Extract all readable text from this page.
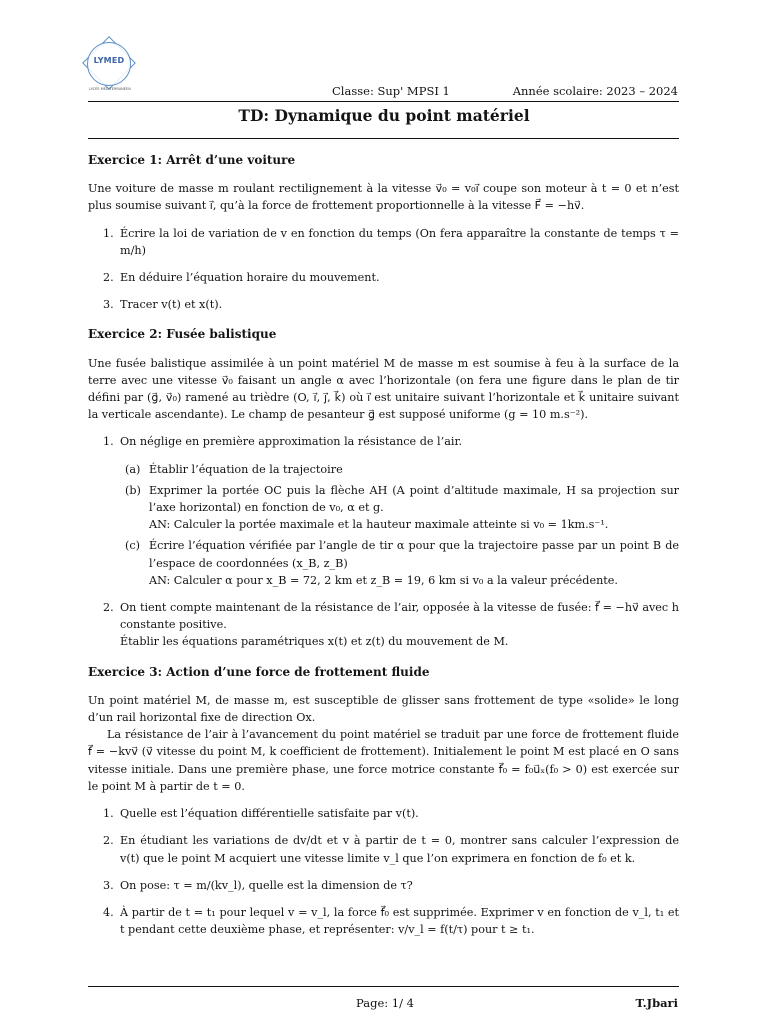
LYMED
LYCÉE MÉDITERRANÉEN	Classe: Sup' MPSI 1	Année scolaire: 2023 – 2024
TD: Dynamique du point matériel
Exercice 1: Arrêt d’une voiture

Une voiture de masse m roulant rectilignement à la vitesse v⃗₀ = v₀i⃗ coupe son moteur à t = 0 et n’est plus soumise suivant i⃗, qu’à la force de frottement proportionnelle à la vitesse F⃗ = −hv⃗.

1. Écrire la loi de variation de v en fonction du temps (On fera apparaître la constante de temps τ = m/h)
2. En déduire l’équation horaire du mouvement.
3. Tracer v(t) et x(t).
Exercice 2: Fusée balistique

Une fusée balistique assimilée à un point matériel M de masse m est soumise à feu à la surface de la terre avec une vitesse v⃗₀ faisant un angle α avec l’horizontale (on fera une figure dans le plan de tir défini par (g⃗, v⃗₀) ramené au trièdre (O, i⃗, j⃗, k⃗) où i⃗ est unitaire suivant l’horizontale et k⃗ unitaire suivant la verticale ascendante). Le champ de pesanteur g⃗ est supposé uniforme (g = 10 m.s⁻²).

1. On néglige en première approximation la résistance de l’air.
(a) Établir l’équation de la trajectoire
(b) Exprimer la portée OC puis la flèche AH (A point d’altitude maximale, H sa projection sur l’axe horizontal) en fonction de v₀, α et g.
AN: Calculer la portée maximale et la hauteur maximale atteinte si v₀ = 1km.s⁻¹.
(c) Écrire l’équation vérifiée par l’angle de tir α pour que la trajectoire passe par un point B de l’espace de coordonnées (x_B, z_B)
AN: Calculer α pour x_B = 72, 2 km et z_B = 19, 6 km si v₀ a la valeur précédente.
2. On tient compte maintenant de la résistance de l’air, opposée à la vitesse de fusée: f⃗ = −hv⃗ avec h constante positive.
Établir les équations paramétriques x(t) et z(t) du mouvement de M.
Exercice 3: Action d’une force de frottement fluide

Un point matériel M, de masse m, est susceptible de glisser sans frottement de type «solide» le long d’un rail horizontal fixe de direction Ox.

La résistance de l’air à l’avancement du point matériel se traduit par une force de frottement fluide f⃗ = −kvv⃗ (v⃗ vitesse du point M, k coefficient de frottement). Initialement le point M est placé en O sans vitesse initiale. Dans une première phase, une force motrice constante f⃗₀ = f₀u⃗ₓ(f₀ > 0) est exercée sur le point M à partir de t = 0.

1. Quelle est l’équation différentielle satisfaite par v(t).
2. En étudiant les variations de dv/dt et v à partir de t = 0, montrer sans calculer l’expression de v(t) que le point M acquiert une vitesse limite v_l que l’on exprimera en fonction de f₀ et k.
3. On pose: τ = m/(kv_l), quelle est la dimension de τ?
4. À partir de t = t₁ pour lequel v = v_l, la force f⃗₀ est supprimée. Exprimer v en fonction de v_l, t₁ et t pendant cette deuxième phase, et représenter: v/v_l = f(t/τ) pour t ≥ t₁.
Page: 1/ 4	T.Jbari
